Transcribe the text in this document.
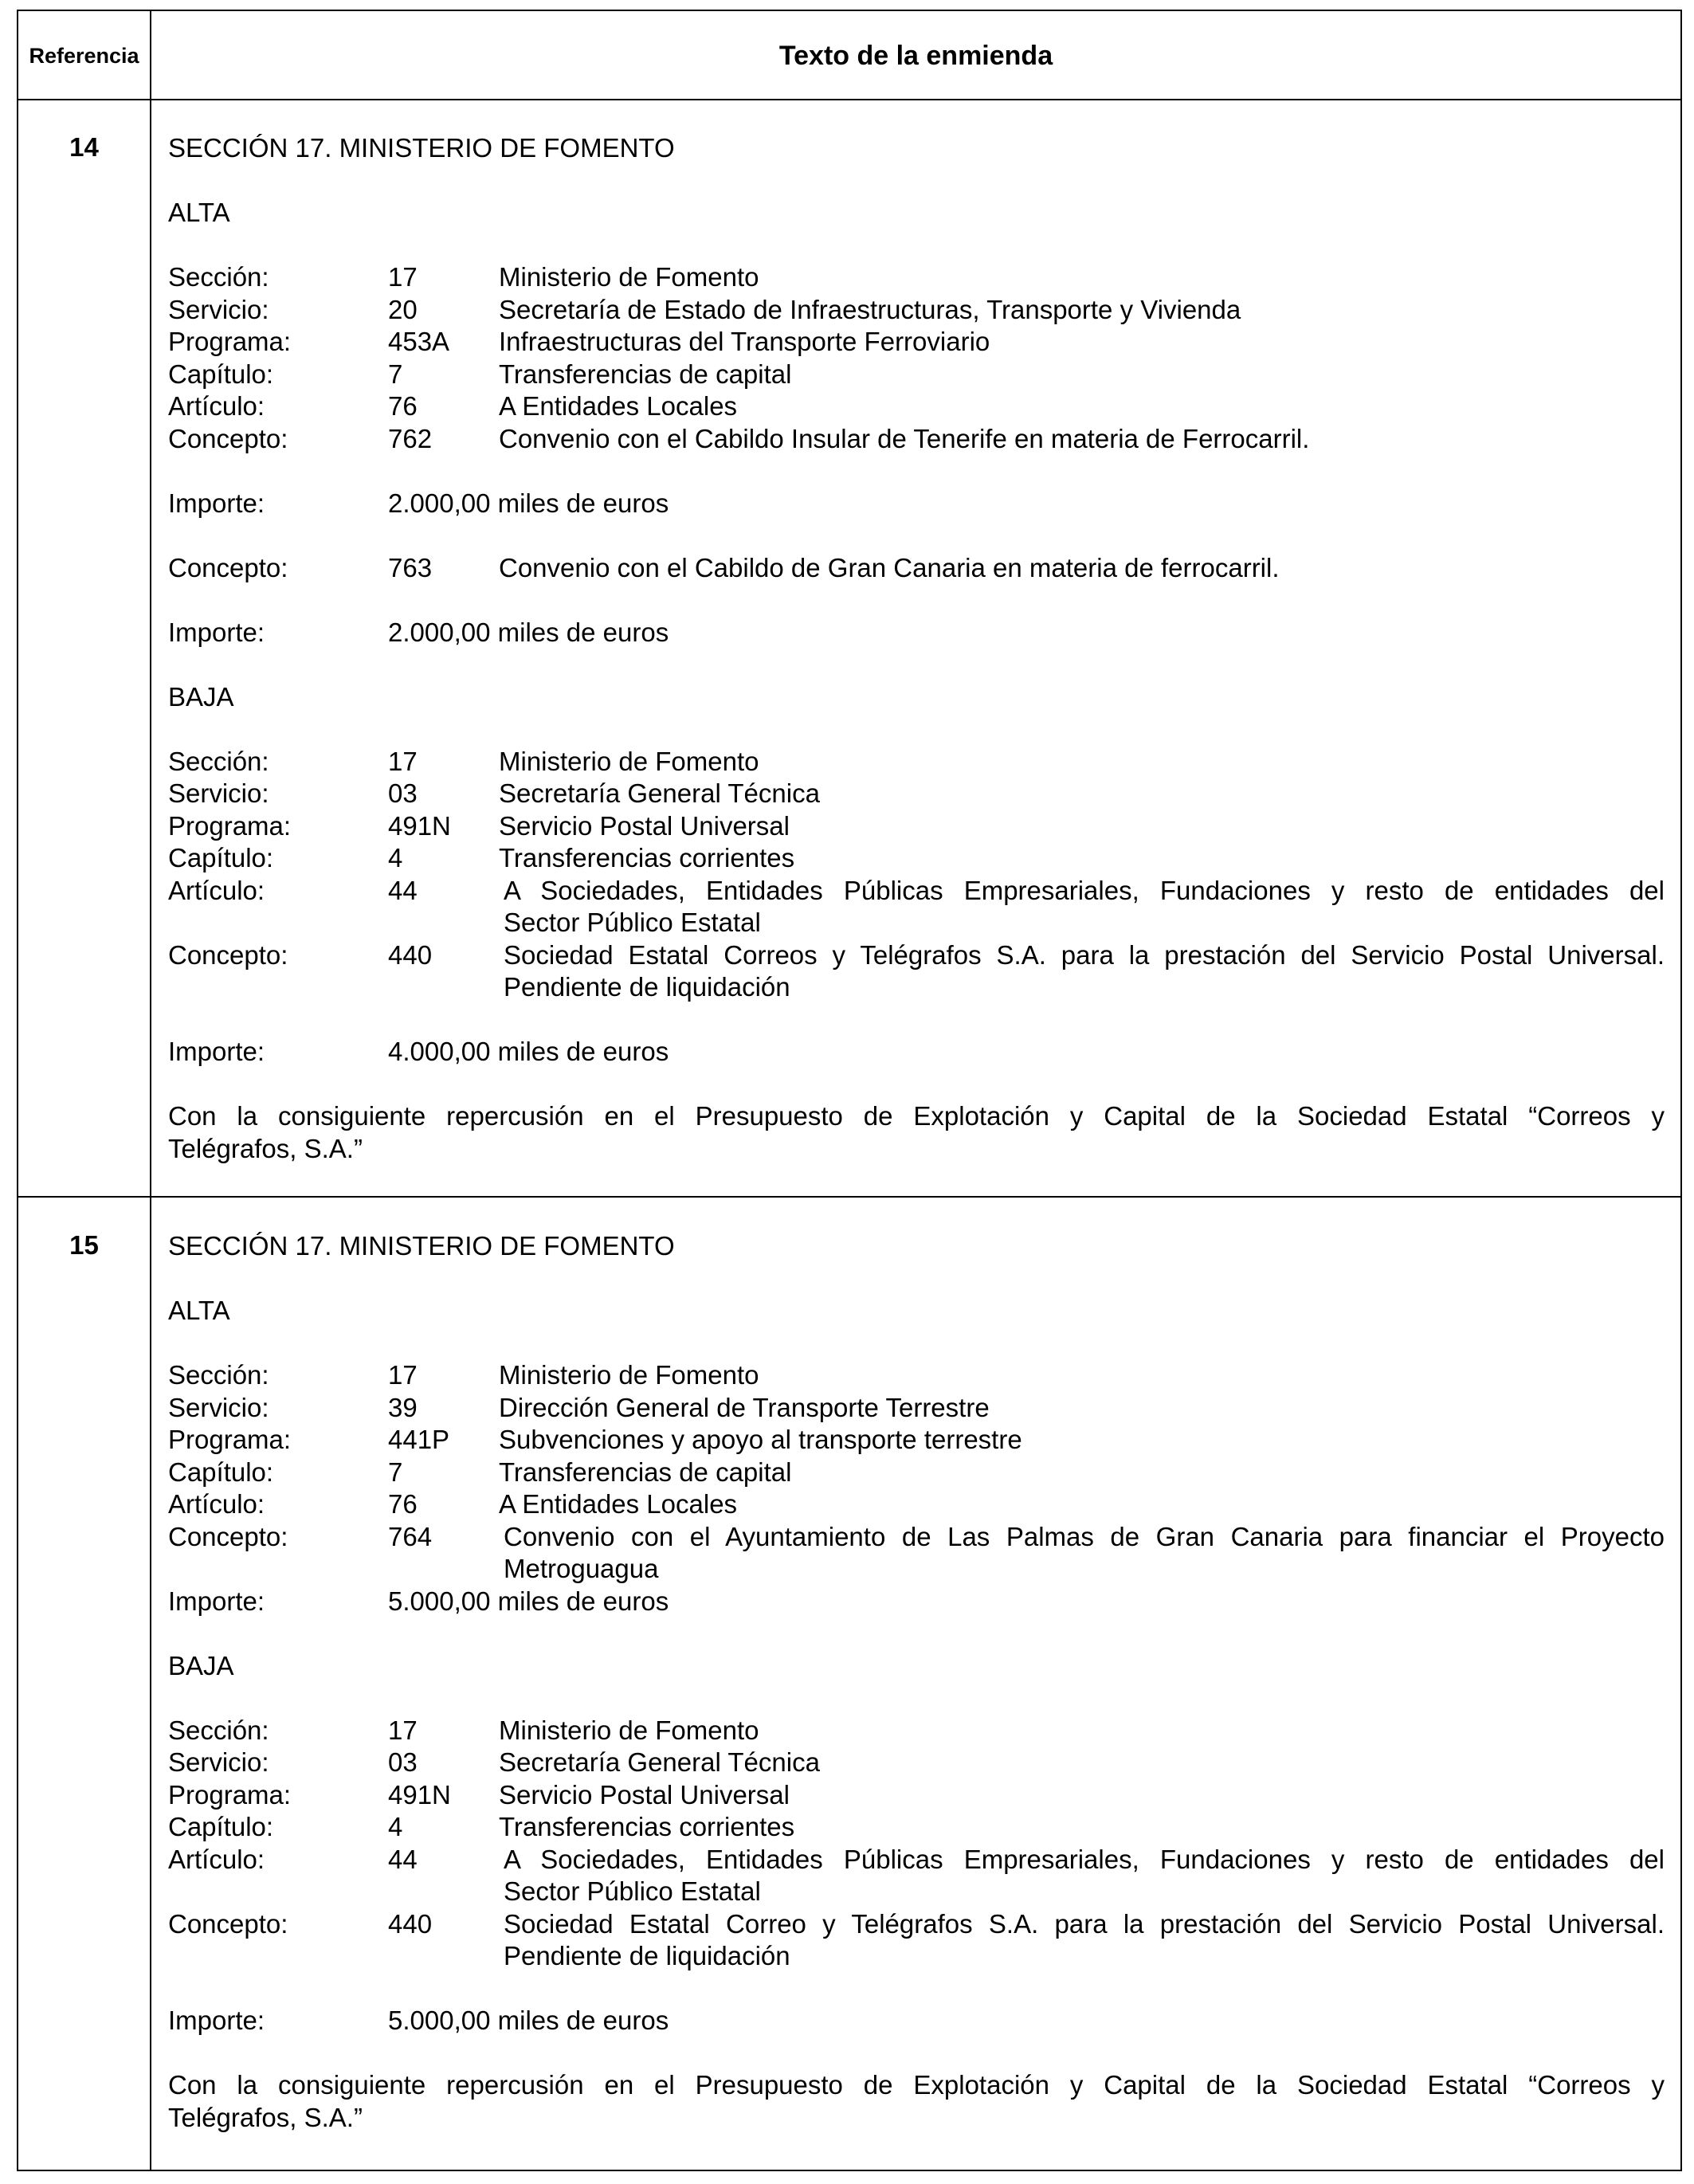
Referencia	Texto de la enmienda
14	SECCIÓN 17. MINISTERIO DE FOMENTO
ALTA
Sección:	17	Ministerio de Fomento
Servicio:	20	Secretaría de Estado de Infraestructuras, Transporte y Vivienda
Programa:	453A	Infraestructuras del Transporte Ferroviario
Capítulo:	7	Transferencias de capital
Artículo:	76	A Entidades Locales
Concepto:	762	Convenio con el Cabildo Insular de Tenerife en materia de Ferrocarril.
Importe:	2.000,00 miles de euros
Concepto:	763	Convenio con el Cabildo de Gran Canaria en materia de ferrocarril.
Importe:	2.000,00 miles de euros
BAJA
Sección:	17	Ministerio de Fomento
Servicio:	03	Secretaría General Técnica
Programa:	491N	Servicio Postal Universal
Capítulo:	4	Transferencias corrientes
Artículo:	44	A Sociedades, Entidades Públicas Empresariales, Fundaciones y resto de entidades del
Sector Público Estatal
Concepto:	440	Sociedad Estatal Correos y Telégrafos S.A. para la prestación del Servicio Postal Universal.
Pendiente de liquidación
Importe:	4.000,00 miles de euros
Con la consiguiente repercusión en el Presupuesto de Explotación y Capital de la Sociedad Estatal “Correos y
Telégrafos, S.A.”
15	SECCIÓN 17. MINISTERIO DE FOMENTO
ALTA
Sección:	17	Ministerio de Fomento
Servicio:	39	Dirección General de Transporte Terrestre
Programa:	441P	Subvenciones y apoyo al transporte terrestre
Capítulo:	7	Transferencias de capital
Artículo:	76	A Entidades Locales
Concepto:	764	Convenio con el Ayuntamiento de Las Palmas de Gran Canaria para financiar el Proyecto
Metroguagua
Importe:	5.000,00 miles de euros
BAJA
Sección:	17	Ministerio de Fomento
Servicio:	03	Secretaría General Técnica
Programa:	491N	Servicio Postal Universal
Capítulo:	4	Transferencias corrientes
Artículo:	44	A Sociedades, Entidades Públicas Empresariales, Fundaciones y resto de entidades del
Sector Público Estatal
Concepto:	440	Sociedad Estatal Correo y Telégrafos S.A. para la prestación del Servicio Postal Universal.
Pendiente de liquidación
Importe:	5.000,00 miles de euros
Con la consiguiente repercusión en el Presupuesto de Explotación y Capital de la Sociedad Estatal “Correos y
Telégrafos, S.A.”
